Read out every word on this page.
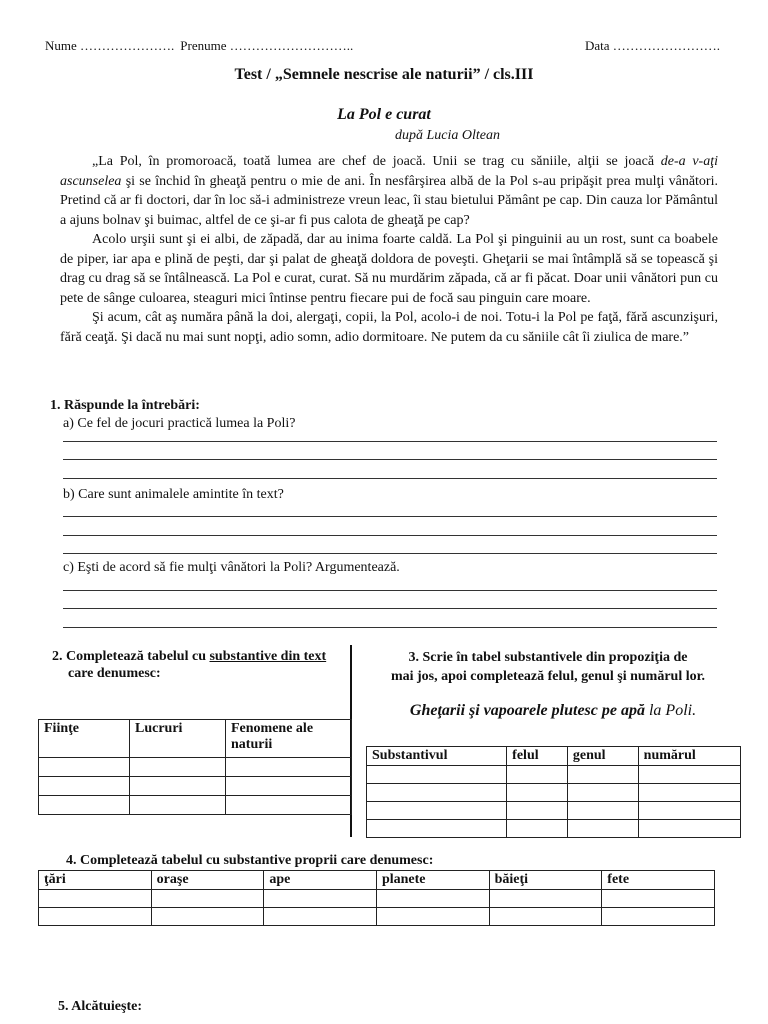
Nume …………………. Prenume ………………………..	Data …………………….
Test / „Semnele nescrise ale naturii” / cls.III
La Pol e curat
după Lucia Oltean

„La Pol, în promoroacă, toată lumea are chef de joacă. Unii se trag cu săniile, alţii se joacă de-a v-aţi ascunselea şi se închid în gheaţă pentru o mie de ani. În nesfârşirea albă de la Pol s-au pripăşit prea mulţi vânători. Pretind că ar fi doctori, dar în loc să-i administreze vreun leac, îi stau bietului Pământ pe cap. Din cauza lor Pământul a ajuns bolnav şi buimac, altfel de ce şi-ar fi pus calota de gheaţă pe cap?

Acolo urşii sunt şi ei albi, de zăpadă, dar au inima foarte caldă. La Pol şi pinguinii au un rost, sunt ca boabele de piper, iar apa e plină de peşti, dar şi palat de gheaţă doldora de poveşti. Gheţarii se mai întâmplă să se topească şi drag cu drag să se întâlnească. La Pol e curat, curat. Să nu murdărim zăpada, că ar fi păcat. Doar unii vânători pun cu pete de sânge culoarea, steaguri mici întinse pentru fiecare pui de focă sau pinguin care moare.

Şi acum, cât aş număra până la doi, alergaţi, copii, la Pol, acolo-i de noi. Totu-i la Pol pe faţă, fără ascunzişuri, fără ceaţă. Şi dacă nu mai sunt nopţi, adio somn, adio dormitoare. Ne putem da cu săniile cât îi ziulica de mare.”

1. Răspunde la întrebări:
a) Ce fel de jocuri practică lumea la Poli?
b) Care sunt animalele amintite în text?
c) Eşti de acord să fie mulţi vânători la Poli? Argumentează.
2. Completează tabelul cu substantive din text
care denumesc:
Fiinţe	Lucruri	Fenomene ale naturii

3. Scrie în tabel substantivele din propoziţia de
mai jos, apoi completează felul, genul şi numărul lor.
Gheţarii şi vapoarele plutesc pe apă la Poli.
Substantivul	felul	genul	numărul

4. Completează tabelul cu substantive proprii care denumesc:
ţări	oraşe	ape	planete	băieţi	fete

5. Alcătuieşte:
